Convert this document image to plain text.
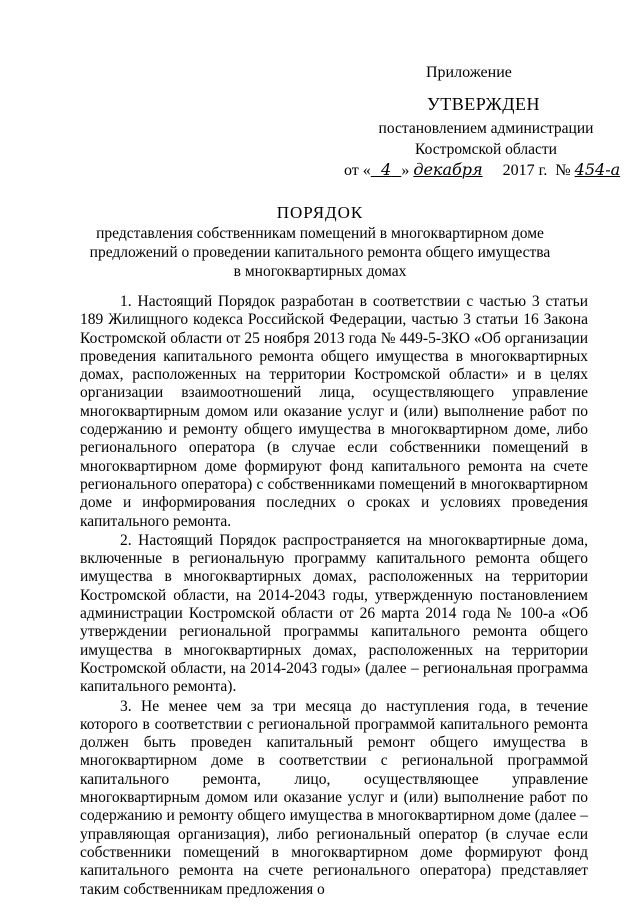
Приложение
УТВЕРЖДЕН
постановлением администрации
Костромской области
от « 4 » декабря 2017 г. № 454-а
ПОРЯДОК
представления собственникам помещений в многоквартирном доме
предложений о проведении капитального ремонта общего имущества
в многоквартирных домах

1. Настоящий Порядок разработан в соответствии с частью 3 статьи 189 Жилищного кодекса Российской Федерации, частью 3 статьи 16 Закона Костромской области от 25 ноября 2013 года № 449-5-ЗКО «Об организации проведения капитального ремонта общего имущества в многоквартирных домах, расположенных на территории Костромской области» и в целях организации взаимоотношений лица, осуществляющего управление многоквартирным домом или оказание услуг и (или) выполнение работ по содержанию и ремонту общего имущества в многоквартирном доме, либо регионального оператора (в случае если собственники помещений в многоквартирном доме формируют фонд капитального ремонта на счете регионального оператора) с собственниками помещений в многоквартирном доме и информирования последних о сроках и условиях проведения капитального ремонта.

2. Настоящий Порядок распространяется на многоквартирные дома, включенные в региональную программу капитального ремонта общего имущества в многоквартирных домах, расположенных на территории Костромской области, на 2014-2043 годы, утвержденную постановлением администрации Костромской области от 26 марта 2014 года № 100-а «Об утверждении региональной программы капитального ремонта общего имущества в многоквартирных домах, расположенных на территории Костромской области, на 2014-2043 годы» (далее – региональная программа капитального ремонта).

3. Не менее чем за три месяца до наступления года, в течение которого в соответствии с региональной программой капитального ремонта должен быть проведен капитальный ремонт общего имущества в многоквартирном доме в соответствии с региональной программой капитального ремонта, лицо, осуществляющее управление многоквартирным домом или оказание услуг и (или) выполнение работ по содержанию и ремонту общего имущества в многоквартирном доме (далее – управляющая организация), либо региональный оператор (в случае если собственники помещений в многоквартирном доме формируют фонд капитального ремонта на счете регионального оператора) представляет таким собственникам предложения о
